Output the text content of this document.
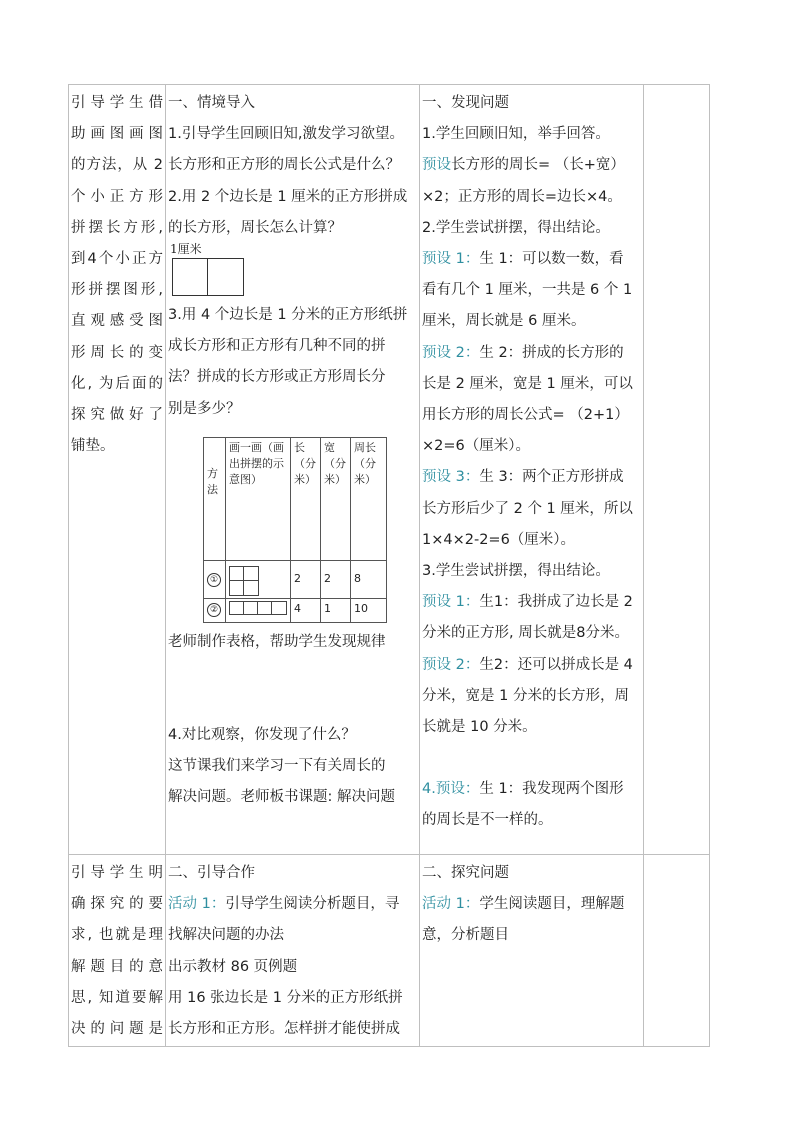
引导学生借
助画图画图
的方法，从 2
个小正方形
拼摆长方形,
到4个小正方
形拼摆图形,
直观感受图
形周长的变
化, 为后面的
探究做好了
铺垫。

一、情境导入
1.引导学生回顾旧知,激发学习欲望。
长方形和正方形的周长公式是什么？
2.用 2 个边长是 1 厘米的正方形拼成
的长方形，周长怎么计算？
1厘米
3.用 4 个边长是 1 分米的正方形纸拼
成长方形和正方形有几种不同的拼
法？拼成的长方形或正方形周长分
别是多少？
方法	画一画（画出拼摆的示意图）	长（分米）	宽（分米）	周长（分米）
①		2	2	8
②		4	1	10
老师制作表格，帮助学生发现规律
4.对比观察，你发现了什么？
这节课我们来学习一下有关周长的
解决问题。老师板书课题: 解决问题

一、发现问题
1.学生回顾旧知，举手回答。
预设长方形的周长= （长+宽）
×2；正方形的周长=边长×4。
2.学生尝试拼摆，得出结论。
预设 1：生 1：可以数一数，看
看有几个 1 厘米，一共是 6 个 1
厘米，周长就是 6 厘米。
预设 2：生 2：拼成的长方形的
长是 2 厘米，宽是 1 厘米，可以
用长方形的周长公式= （2+1）
×2=6（厘米）。
预设 3：生 3：两个正方形拼成
长方形后少了 2 个 1 厘米，所以
1×4×2-2=6（厘米）。
3.学生尝试拼摆，得出结论。
预设 1：生1：我拼成了边长是 2
分米的正方形, 周长就是8分米。
预设 2：生2：还可以拼成长是 4
分米，宽是 1 分米的长方形，周
长就是 10 分米。
4.预设：生 1：我发现两个图形
的周长是不一样的。

引导学生明
确探究的要
求, 也就是理
解题目的意
思, 知道要解
决的问题是

二、引导合作
活动 1：引导学生阅读分析题目，寻
找解决问题的办法
出示教材 86 页例题
用 16 张边长是 1 分米的正方形纸拼
长方形和正方形。怎样拼才能使拼成

二、探究问题
活动 1：学生阅读题目，理解题
意，分析题目
